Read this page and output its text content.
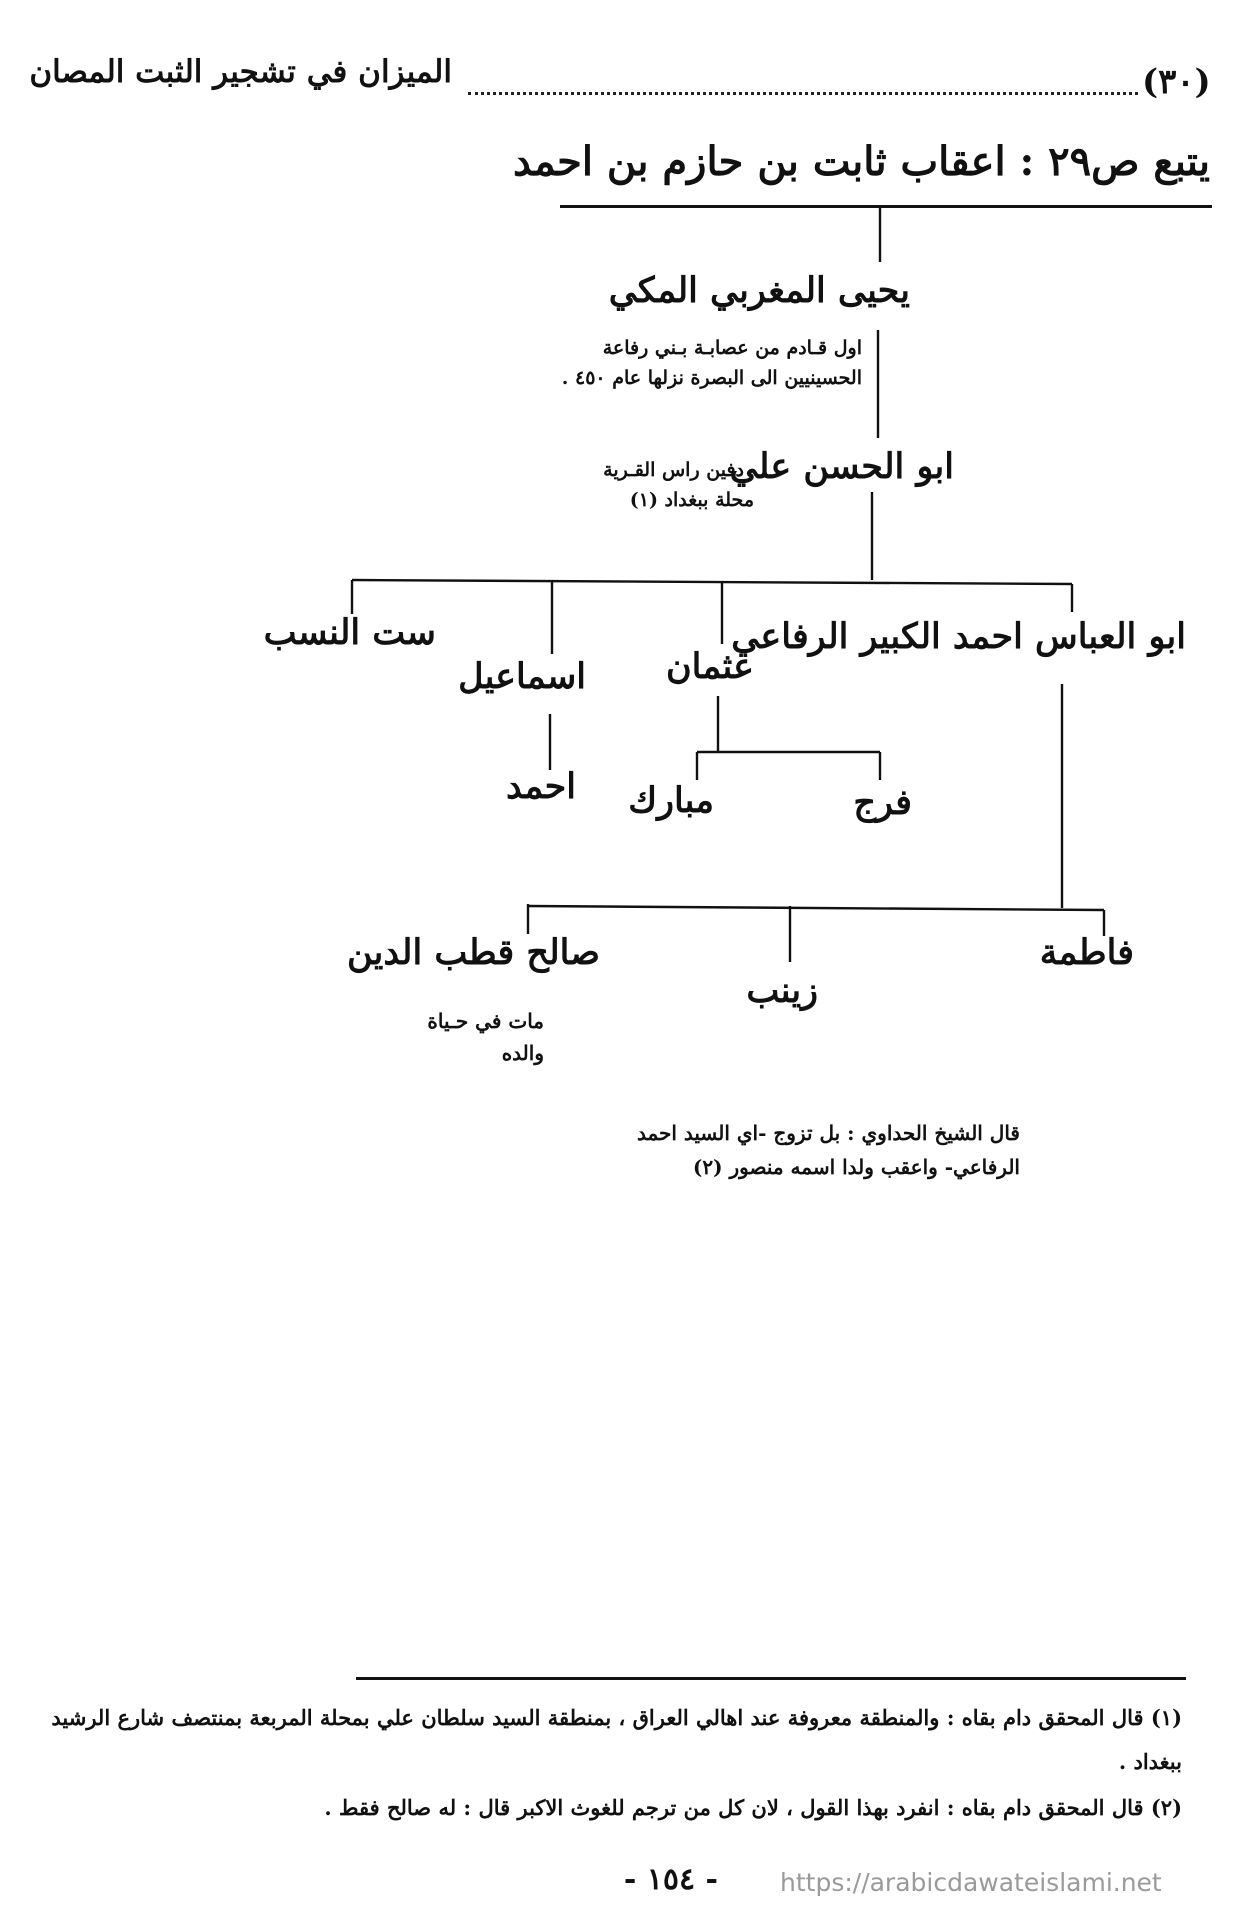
(٣٠)
الميزان في تشجير الثبت المصان
يتبع ص٢٩ : اعقاب ثابت بن حازم بن احمد
يحيى المغربي المكي
اول قـادم من عصابـة بـني رفاعة
الحسينيين الى البصرة نزلها عام ٤٥٠ .
ابو الحسن علي
دفين راس القـرية
محلة ببغداد (١)
ابو العباس احمد الكبير الرفاعي
عثمان
اسماعيل
ست النسب
فرج
مبارك
احمد
فاطمة
زينب
صالح قطب الدين
مات في حـياة
والده
قال الشيخ الحداوي : بل تزوج -اي السيد احمد
الرفاعي- واعقب ولدا اسمه منصور (٢)
(١) قال المحقق دام بقاه : والمنطقة معروفة عند اهالي العراق ، بمنطقة السيد سلطان علي بمحلة المربعة بمنتصف شارع الرشيد
ببغداد .
(٢) قال المحقق دام بقاه : انفرد بهذا القول ، لان كل من ترجم للغوث الاكبر قال : له صالح فقط .
- ١٥٤ - https://arabicdawateislami.net
